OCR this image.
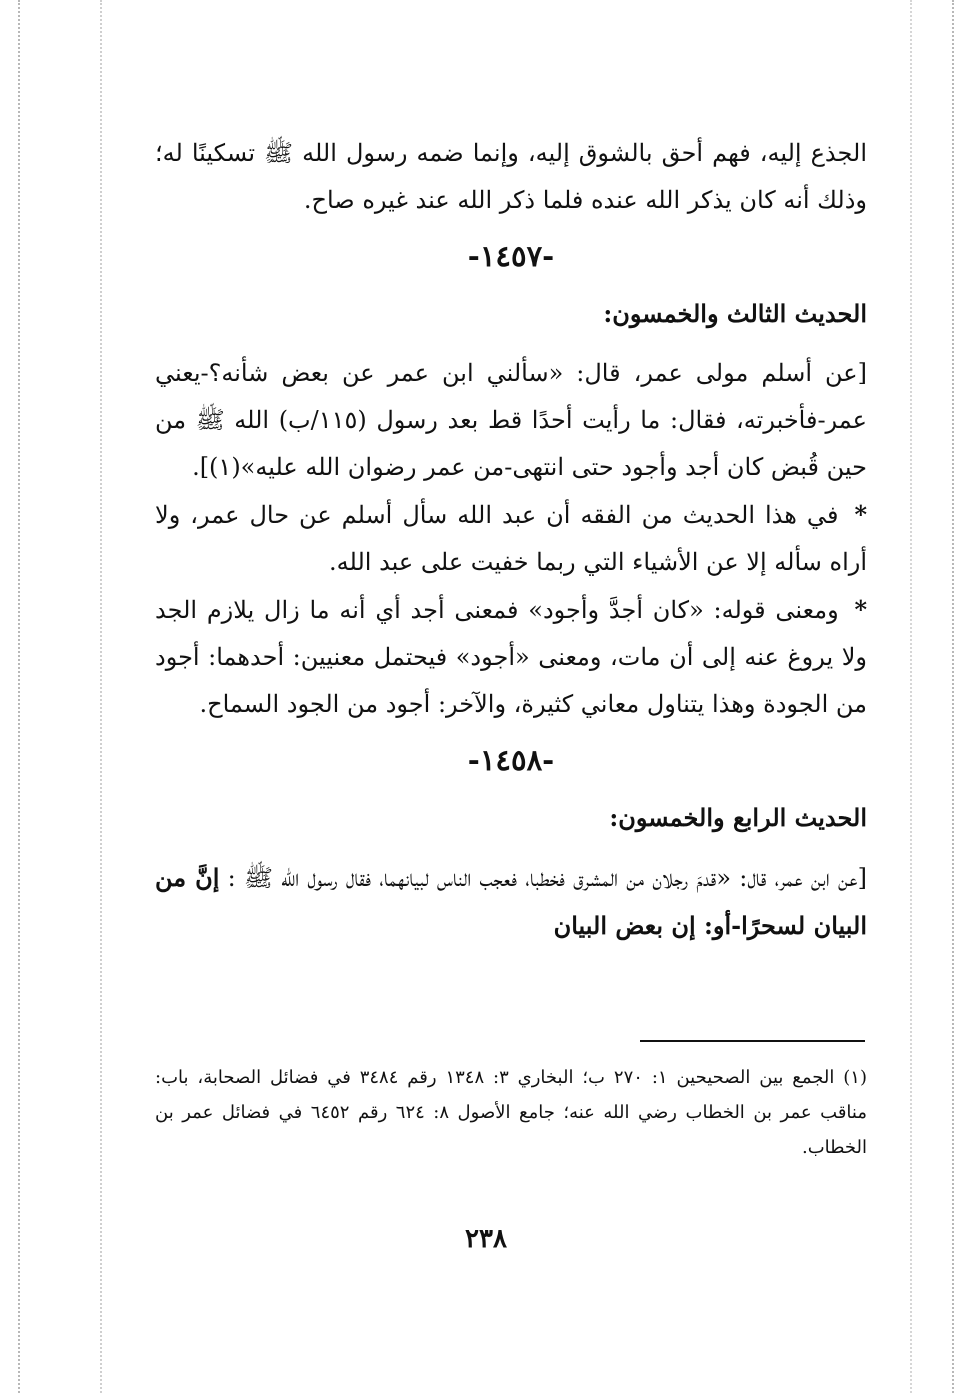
الجذع إليه، فهم أحق بالشوق إليه، وإنما ضمه رسول الله ﷺ تسكينًا له؛ وذلك أنه كان يذكر الله عنده فلما ذكر الله عند غيره صاح.

-١٤٥٧-
الحديث الثالث والخمسون:

[عن أسلم مولى عمر، قال: «سألني ابن عمر عن بعض شأنه؟-يعني عمر-فأخبرته، فقال: ما رأيت أحدًا قط بعد رسول (١١٥/ب) الله ﷺ من حين قُبض كان أجد وأجود حتى انتهى-من عمر رضوان الله عليه»(١)].

* في هذا الحديث من الفقه أن عبد الله سأل أسلم عن حال عمر، ولا أراه سأله إلا عن الأشياء التي ربما خفيت على عبد الله.

* ومعنى قوله: «كان أجدَّ وأجود» فمعنى أجد أي أنه ما زال يلازم الجد ولا يروغ عنه إلى أن مات، ومعنى «أجود» فيحتمل معنيين: أحدهما: أجود من الجودة وهذا يتناول معاني كثيرة، والآخر: أجود من الجود السماح.

-١٤٥٨-
الحديث الرابع والخمسون:

[عن ابن عمر، قال: «قدمَ رجلان من المشرق فخطبا، فعجب الناس لبيانهما، فقال رسول الله ﷺ : إنَّ من البيان لسحرًا-أو: إن بعض البيان

(١) الجمع بين الصحيحين ١: ٢٧٠ ب؛ البخاري ٣: ١٣٤٨ رقم ٣٤٨٤ في فضائل الصحابة، باب: مناقب عمر بن الخطاب رضي الله عنه؛ جامع الأصول ٨: ٦٢٤ رقم ٦٤٥٢ في فضائل عمر بن الخطاب.

٢٣٨
